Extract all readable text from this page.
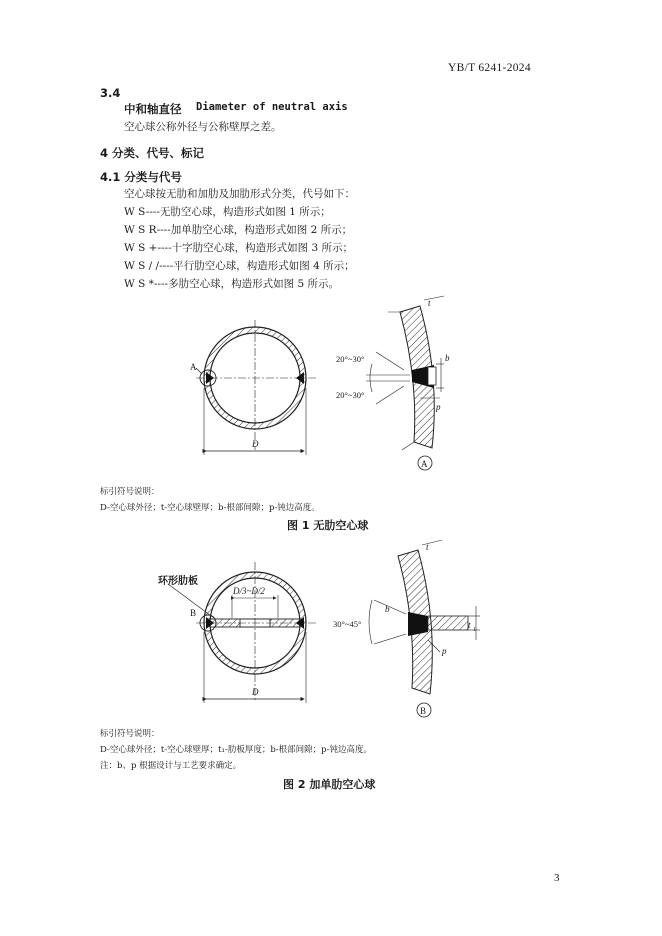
YB/T 6241-2024
3.4
中和轴直径 Diameter of neutral axis
空心球公称外径与公称壁厚之差。
4 分类、代号、标记
4.1 分类与代号
空心球按无肋和加肋及加肋形式分类，代号如下：
W S----无肋空心球，构造形式如图 1 所示；
W S R----加单肋空心球，构造形式如图 2 所示；
W S +----十字肋空心球，构造形式如图 3 所示；
W S / /----平行肋空心球，构造形式如图 4 所示；
W S *----多肋空心球，构造形式如图 5 所示。
A
D
t
b
20°~30°
20°~30°
p
A
标引符号说明：
D-空心球外径；t-空心球壁厚；b-根部间隙；p-钝边高度。
图 1 无肋空心球
B
D/3~D/2
D
t
t 1
30°~45°
b
p
B
环形肋板
标引符号说明：
D-空心球外径；t-空心球壁厚；t₁-肋板厚度；b-根部间隙；p-钝边高度。
注：b、p 根据设计与工艺要求确定。
图 2 加单肋空心球
3
